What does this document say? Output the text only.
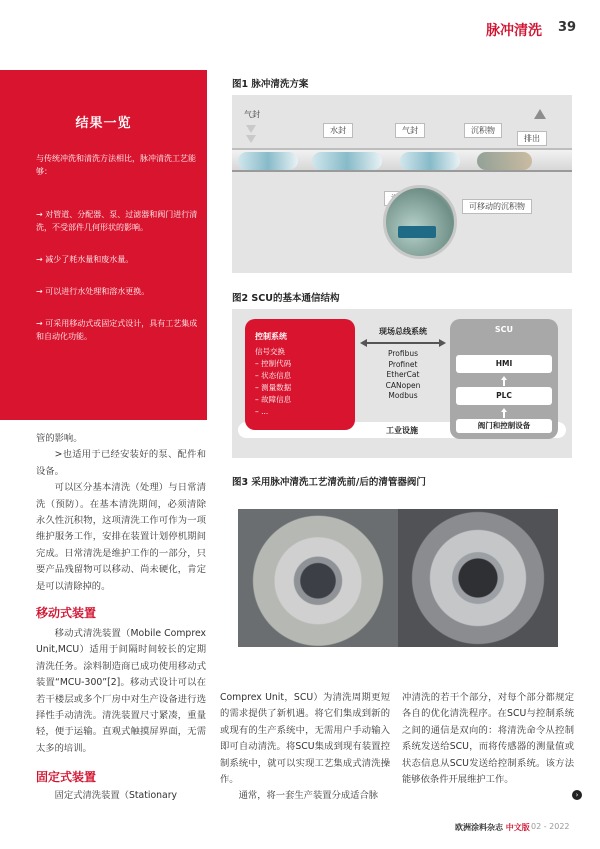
脉冲清洗 39
结果一览
与传统冲洗和清洗方法相比，脉冲清洗工艺能够：
→ 对管道、分配器、泵、过滤器和阀门进行清洗，不受部件几何形状的影响。
→ 减少了耗水量和废水量。
→ 可以进行水处理和溶水更换。
→ 可采用移动式或固定式设计，具有工艺集成和自动化功能。

管的影响。

>也适用于已经安装好的泵、配件和设备。

可以区分基本清洗（处理）与日常清洗（预防）。在基本清洗期间，必须清除永久性沉积物，这项清洗工作可作为一项维护服务工作，安排在装置计划停机期间完成。日常清洗是维护工作的一部分，只要产品残留物可以移动、尚未硬化，肯定是可以清除掉的。

移动式装置

移动式清洗装置（Mobile Comprex Unit,MCU）适用于间隔时间较长的定期清洗任务。涂料制造商已成功使用移动式装置“MCU-300”[2]。移动式设计可以在若干楼层或多个厂房中对生产设备进行选择性手动清洗。清洗装置尺寸紧凑，重量轻，便于运输。直观式触摸屏界面，无需太多的培训。

固定式装置

固定式清洗装置（Stationary

Comprex Unit，SCU）为清洗周期更短的需求提供了新机遇。将它们集成到新的或现有的生产系统中，无需用户手动输入即可自动清洗。将SCU集成到现有装置控制系统中，就可以实现工艺集成式清洗操作。

通常，将一套生产装置分成适合脉

冲清洗的若干个部分，对每个部分都规定各自的优化清洗程序。在SCU与控制系统之间的通信是双向的：将清洗命令从控制系统发送给SCU，而将传感器的测量值或状态信息从SCU发送给控制系统。该方法能够依条件开展维护工作。

图1 脉冲清洗方案
气封
水封	气封	沉积物
排出
可移动的沉积物
图2 SCU的基本通信结构
工业设施
控制系统
信号交换
– 控制代码
– 状态信息
– 测量数据
– 故障信息
– ...
现场总线系统
Profibus
Profinet
EtherCat
CANopen
Modbus
SCU
HMI
PLC
阀门和控制设备
图3 采用脉冲清洗工艺清洗前/后的清管器阀门
›
欧洲涂料杂志 中文版 02 - 2022
